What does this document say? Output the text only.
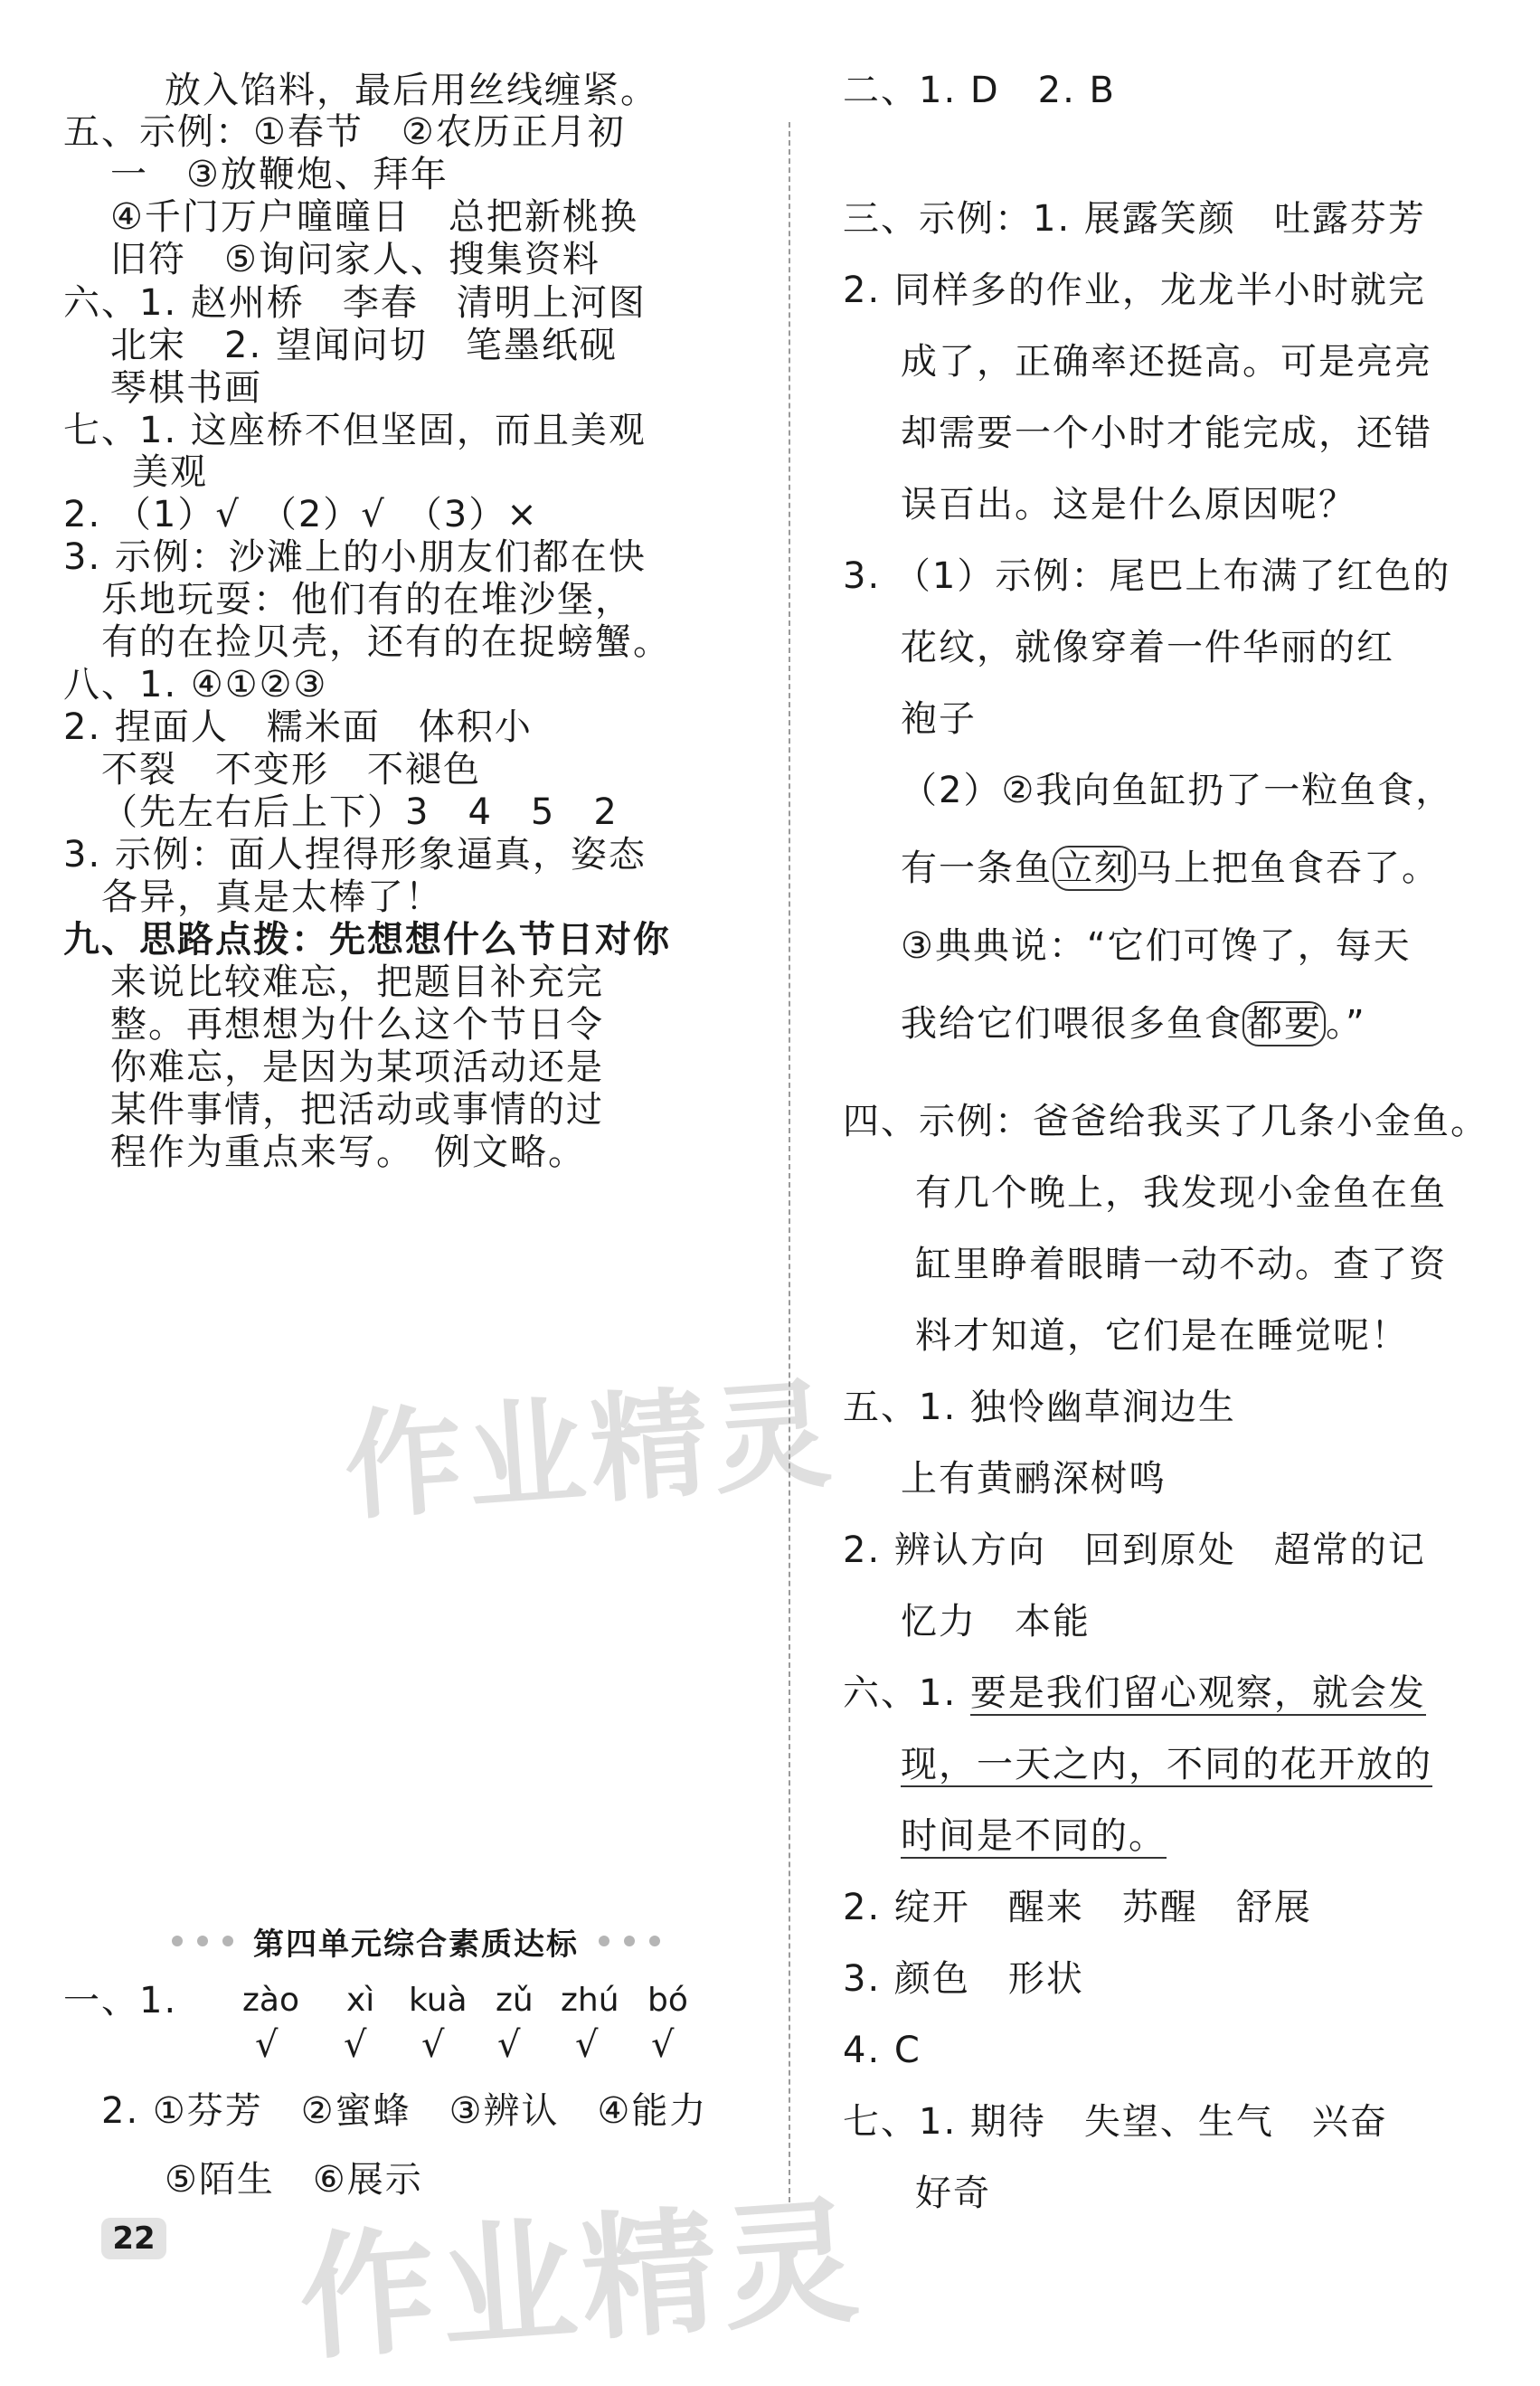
放入馅料，最后用丝线缠紧。
五、示例：①春节　②农历正月初
一　③放鞭炮、拜年
④千门万户曈曈日　总把新桃换
旧符　⑤询问家人、搜集资料
六、1. 赵州桥　李春　清明上河图
北宋　2. 望闻问切　笔墨纸砚
琴棋书画
七、1. 这座桥不但坚固，而且美观
美观
2. （1）√　（2）√　（3）×
3. 示例：沙滩上的小朋友们都在快
乐地玩耍：他们有的在堆沙堡，
有的在捡贝壳，还有的在捉螃蟹。
八、1. ④①②③
2. 捏面人　糯米面　体积小
不裂　不变形　不褪色
（先左右后上下）3　4　5　2
3. 示例：面人捏得形象逼真，姿态
各异，真是太棒了！
九、思路点拨：先想想什么节日对你
来说比较难忘，把题目补充完
整。再想想为什么这个节日令
你难忘，是因为某项活动还是
某件事情，把活动或事情的过
程作为重点来写。　例文略。
第四单元综合素质达标
一、1. zào xì kuà zǔ zhú bó
√ √ √ √ √ √
2. ①芬芳　②蜜蜂　③辨认　④能力
⑤陌生　⑥展示
22
二、1. D　2. B
三、示例：1. 展露笑颜　吐露芬芳
2. 同样多的作业，龙龙半小时就完
成了，正确率还挺高。可是亮亮
却需要一个小时才能完成，还错
误百出。这是什么原因呢？
3. （1）示例：尾巴上布满了红色的
花纹，就像穿着一件华丽的红
袍子
（2）②我向鱼缸扔了一粒鱼食，
有一条鱼 立刻 马上把鱼食吞了。
③典典说：“它们可馋了，每天
我给它们喂很多鱼食 都要 。”
四、示例：爸爸给我买了几条小金鱼。
有几个晚上，我发现小金鱼在鱼
缸里睁着眼睛一动不动。查了资
料才知道，它们是在睡觉呢！
五、1. 独怜幽草涧边生
上有黄鹂深树鸣
2. 辨认方向　回到原处　超常的记
忆力　本能
六、1. 要是我们留心观察，就会发
现，一天之内，不同的花开放的
时间是不同的。
2. 绽开　醒来　苏醒　舒展
3. 颜色　形状
4. C
七、1. 期待　失望、生气　兴奋
好奇
作业精灵
作业精灵
